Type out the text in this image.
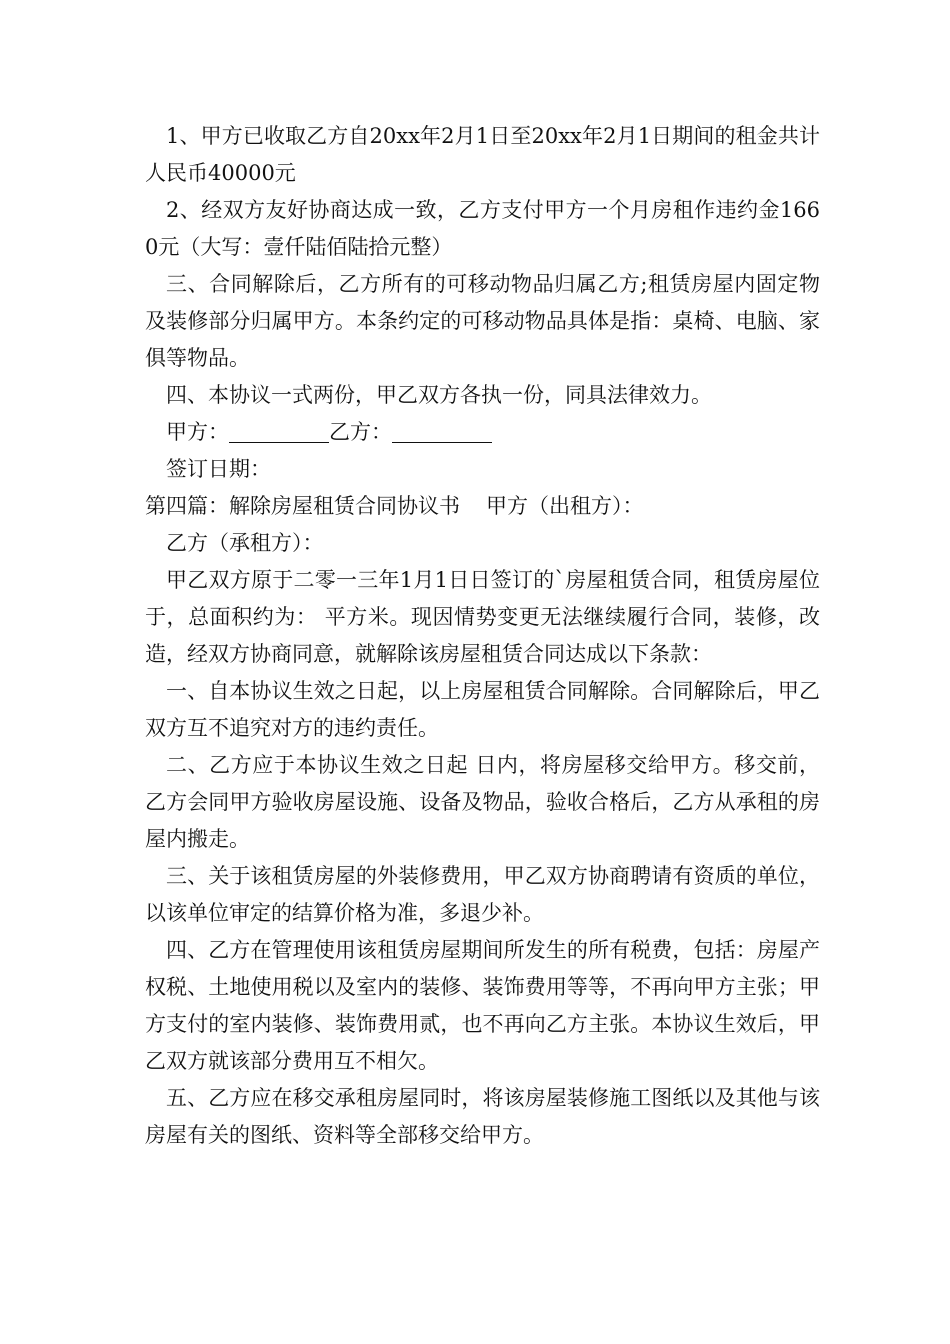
1、甲方已收取乙方自20xx年2月1日至20xx年2月1日期间的租金共计人民币40000元

2、经双方友好协商达成一致，乙方支付甲方一个月房租作违约金1660元（大写：壹仟陆佰陆拾元整）

三、合同解除后，乙方所有的可移动物品归属乙方;租赁房屋内固定物及装修部分归属甲方。本条约定的可移动物品具体是指：桌椅、电脑、家俱等物品。

四、本协议一式两份，甲乙双方各执一份，同具法律效力。

甲方：	乙方：
签订日期：
第四篇：解除房屋租赁合同协议书 甲方（出租方）：
乙方（承租方）：

甲乙双方原于二零一三年1月1日日签订的`房屋租赁合同，租赁房屋位于，总面积约为： 平方米。现因情势变更无法继续履行合同，装修，改造，经双方协商同意，就解除该房屋租赁合同达成以下条款：

一、自本协议生效之日起，以上房屋租赁合同解除。合同解除后，甲乙双方互不追究对方的违约责任。

二、乙方应于本协议生效之日起 日内，将房屋移交给甲方。移交前，乙方会同甲方验收房屋设施、设备及物品，验收合格后，乙方从承租的房屋内搬走。

三、关于该租赁房屋的外装修费用，甲乙双方协商聘请有资质的单位，以该单位审定的结算价格为准，多退少补。

四、乙方在管理使用该租赁房屋期间所发生的所有税费，包括：房屋产权税、土地使用税以及室内的装修、装饰费用等等，不再向甲方主张；甲方支付的室内装修、装饰费用贰，也不再向乙方主张。本协议生效后，甲乙双方就该部分费用互不相欠。

五、乙方应在移交承租房屋同时，将该房屋装修施工图纸以及其他与该房屋有关的图纸、资料等全部移交给甲方。
